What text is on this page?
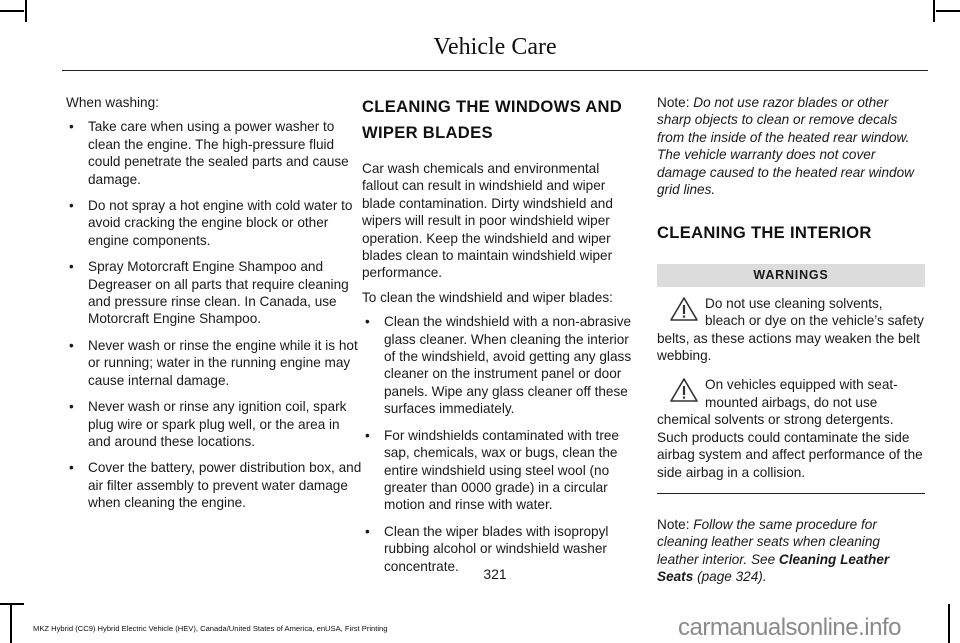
Vehicle Care

When washing:

• Take care when using a power washer to clean the engine. The high-pressure fluid could penetrate the sealed parts and cause damage.
• Do not spray a hot engine with cold water to avoid cracking the engine block or other engine components.
• Spray Motorcraft Engine Shampoo and Degreaser on all parts that require cleaning and pressure rinse clean. In Canada, use Motorcraft Engine Shampoo.
• Never wash or rinse the engine while it is hot or running; water in the running engine may cause internal damage.
• Never wash or rinse any ignition coil, spark plug wire or spark plug well, or the area in and around these locations.
• Cover the battery, power distribution box, and air filter assembly to prevent water damage when cleaning the engine.
CLEANING THE WINDOWS AND
WIPER BLADES

Car wash chemicals and environmental fallout can result in windshield and wiper blade contamination. Dirty windshield and wipers will result in poor windshield wiper operation. Keep the windshield and wiper blades clean to maintain windshield wiper performance.

To clean the windshield and wiper blades:

• Clean the windshield with a non-abrasive glass cleaner. When cleaning the interior of the windshield, avoid getting any glass cleaner on the instrument panel or door panels. Wipe any glass cleaner off these surfaces immediately.
• For windshields contaminated with tree sap, chemicals, wax or bugs, clean the entire windshield using steel wool (no greater than 0000 grade) in a circular motion and rinse with water.
• Clean the wiper blades with isopropyl rubbing alcohol or windshield washer concentrate.

Note: Do not use razor blades or other sharp objects to clean or remove decals from the inside of the heated rear window. The vehicle warranty does not cover damage caused to the heated rear window grid lines.

CLEANING THE INTERIOR
WARNINGS
Do not use cleaning solvents, bleach or dye on the vehicle’s safety belts, as these actions may weaken the belt webbing.
On vehicles equipped with seat-mounted airbags, do not use chemical solvents or strong detergents. Such products could contaminate the side airbag system and affect performance of the side airbag in a collision.

Note: Follow the same procedure for cleaning leather seats when cleaning leather interior. See Cleaning Leather Seats (page 324).

321
MKZ Hybrid (CC9) Hybrid Electric Vehicle (HEV), Canada/United States of America, enUSA, First Printing	carmanualsonline.info
